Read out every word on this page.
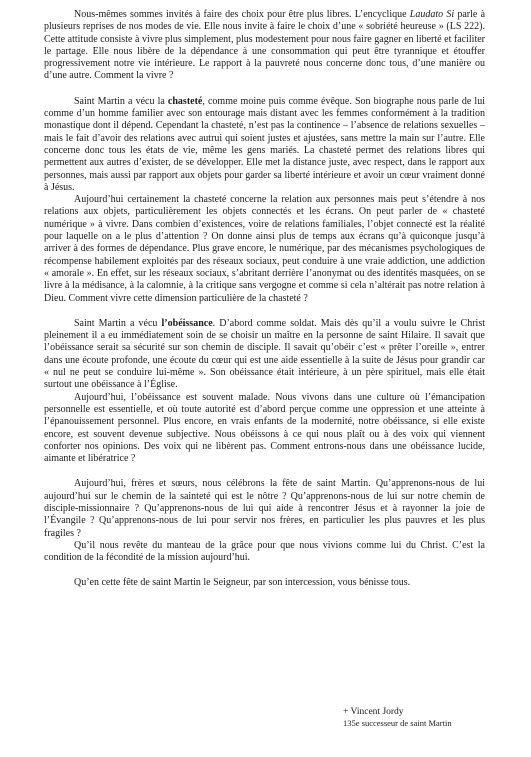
Nous-mêmes sommes invités à faire des choix pour être plus libres. L’encyclique Laudato Si parle à plusieurs reprises de nos modes de vie. Elle nous invite à faire le choix d’une « sobriété heureuse » (LS 222). Cette attitude consiste à vivre plus simplement, plus modestement pour nous faire gagner en liberté et faciliter le partage. Elle nous libère de la dépendance à une consommation qui peut être tyrannique et étouffer progressivement notre vie intérieure. Le rapport à la pauvreté nous concerne donc tous, d’une manière ou d’une autre. Comment la vivre ?

Saint Martin a vécu la chasteté, comme moine puis comme évêque. Son biographe nous parle de lui comme d’un homme familier avec son entourage mais distant avec les femmes conformément à la tradition monastique dont il dépend. Cependant la chasteté, n’est pas la continence – l’absence de relations sexuelles – mais le fait d’avoir des relations avec autrui qui soient justes et ajustées, sans mettre la main sur l’autre. Elle concerne donc tous les états de vie, même les gens mariés. La chasteté permet des relations libres qui permettent aux autres d’exister, de se développer. Elle met la distance juste, avec respect, dans le rapport aux personnes, mais aussi par rapport aux objets pour garder sa liberté intérieure et avoir un cœur vraiment donné à Jésus.

Aujourd’hui certainement la chasteté concerne la relation aux personnes mais peut s’étendre à nos relations aux objets, particulièrement les objets connectés et les écrans. On peut parler de « chasteté numérique » à vivre. Dans combien d’existences, voire de relations familiales, l’objet connecté est la réalité pour laquelle on a le plus d’attention ? On donne ainsi plus de temps aux écrans qu’à quiconque jusqu’à arriver à des formes de dépendance. Plus grave encore, le numérique, par des mécanismes psychologiques de récompense habilement exploités par des réseaux sociaux, peut conduire à une vraie addiction, une addiction « amorale ». En effet, sur les réseaux sociaux, s’abritant derrière l’anonymat ou des identités masquées, on se livre à la médisance, à la calomnie, à la critique sans vergogne et comme si cela n’altérait pas notre relation à Dieu. Comment vivre cette dimension particulière de la chasteté ?

Saint Martin a vécu l’obéissance. D’abord comme soldat. Mais dès qu’il a voulu suivre le Christ pleinement il a eu immédiatement soin de se choisir un maître en la personne de saint Hilaire. Il savait que l’obéissance serait sa sécurité sur son chemin de disciple. Il savait qu’obéir c’est « prêter l’oreille », entrer dans une écoute profonde, une écoute du cœur qui est une aide essentielle à la suite de Jésus pour grandir car « nul ne peut se conduire lui-même ». Son obéissance était intérieure, à un père spirituel, mais elle était surtout une obéissance à l’Église.

Aujourd’hui, l’obéissance est souvent malade. Nous vivons dans une culture où l’émancipation personnelle est essentielle, et où toute autorité est d’abord perçue comme une oppression et une atteinte à l’épanouissement personnel. Plus encore, en vrais enfants de la modernité, notre obéissance, si elle existe encore, est souvent devenue subjective. Nous obéissons à ce qui nous plaît ou à des voix qui viennent conforter nos opinions. Des voix qui ne libèrent pas. Comment entrons-nous dans une obéissance lucide, aimante et libératrice ?

Aujourd’hui, frères et sœurs, nous célébrons la fête de saint Martin. Qu’apprenons-nous de lui aujourd’hui sur le chemin de la sainteté qui est le nôtre ? Qu’apprenons-nous de lui sur notre chemin de disciple-missionnaire ? Qu’apprenons-nous de lui qui aide à rencontrer Jésus et à rayonner la joie de l’Évangile ? Qu’apprenons-nous de lui pour servir nos frères, en particulier les plus pauvres et les plus fragiles ?

Qu’il nous revête du manteau de la grâce pour que nous vivions comme lui du Christ. C’est la condition de la fécondité de la mission aujourd’hui.

Qu’en cette fête de saint Martin le Seigneur, par son intercession, vous bénisse tous.

+ Vincent Jordy
135e successeur de saint Martin
